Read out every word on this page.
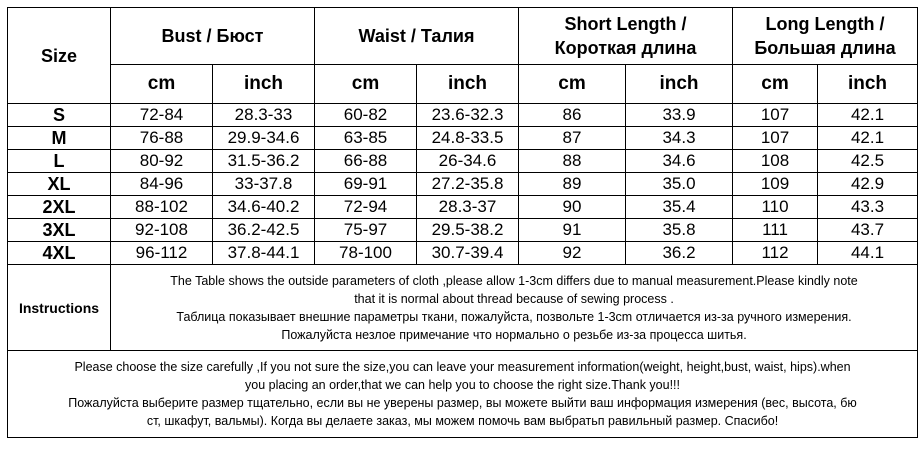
Size	Bust / Бюст		Waist / Талия		Short Length /
Короткая длина		Long Length /
Большая длина	

	cm	inch	cm	inch	cm	inch	cm	inch
S	72-84	28.3-33	60-82	23.6-32.3	86	33.9	107	42.1
M	76-88	29.9-34.6	63-85	24.8-33.5	87	34.3	107	42.1
L	80-92	31.5-36.2	66-88	26-34.6	88	34.6	108	42.5
XL	84-96	33-37.8	69-91	27.2-35.8	89	35.0	109	42.9
2XL	88-102	34.6-40.2	72-94	28.3-37	90	35.4	110	43.3
3XL	92-108	36.2-42.5	75-97	29.5-38.2	91	35.8	111	43.7
4XL	96-112	37.8-44.1	78-100	30.7-39.4	92	36.2	112	44.1
Instructions	The Table shows the outside parameters of cloth ,please allow 1-3cm differs due to manual measurement.Please kindly note
that it is normal about thread because of sewing process .
Таблица показывает внешние параметры ткани, пожалуйста, позвольте 1-3cm отличается из-за ручного измерения.
Пожалуйста незлое примечание что нормально о резьбе из-за процесса шитья.							

Please choose the size carefully ,If you not sure the size,you can leave your measurement information(weight, height,bust, waist, hips).when
you placing an order,that we can help you to choose the right size.Thank you!!!
Пожалуйста выберите размер тщательно, если вы не уверены размер, вы можете выйти ваш информация измерения (вес, высота, бю
ст, шкафут, вальмы). Когда вы делаете заказ, мы можем помочь вам выбратьп равильный размер. Спасибо!								
